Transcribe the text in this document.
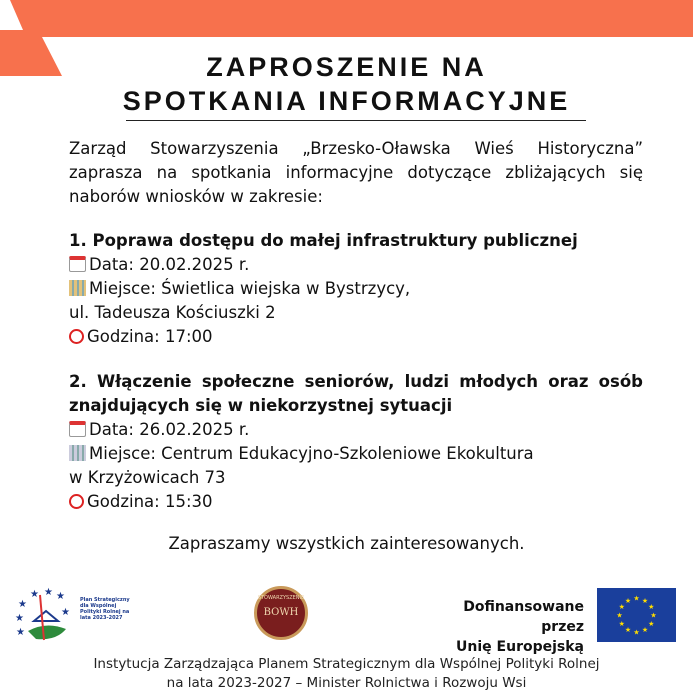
ZAPROSZENIE NA
SPOTKANIA INFORMACYJNE
Zarząd Stowarzyszenia „Brzesko-Oławska Wieś Historyczna” zaprasza na spotkania informacyjne dotyczące zbliżających się naborów wniosków w zakresie:
1. Poprawa dostępu do małej infrastruktury publicznej
Data: 20.02.2025 r.
Miejsce: Świetlica wiejska w Bystrzycy,
ul. Tadeusza Kościuszki 2
Godzina: 17:00
2. Włączenie społeczne seniorów, ludzi młodych oraz osób znajdujących się w niekorzystnej sytuacji
Data: 26.02.2025 r.
Miejsce: Centrum Edukacyjno-Szkoleniowe Ekokultura
w Krzyżowicach 73
Godzina: 15:30
Zapraszamy wszystkich zainteresowanych.
★
★ ★ ★
★
★
★
Plan Strategiczny dla Wspólnej Polityki Rolnej na lata 2023-2027
STOWARZYSZENIE
BOWH	Dofinansowane przez
Unię Europejską
★ ★
★
★
★
★
★
★
★
★
★
★
Instytucja Zarządzająca Planem Strategicznym dla Wspólnej Polityki Rolnej
na lata 2023-2027 – Minister Rolnictwa i Rozwoju Wsi
